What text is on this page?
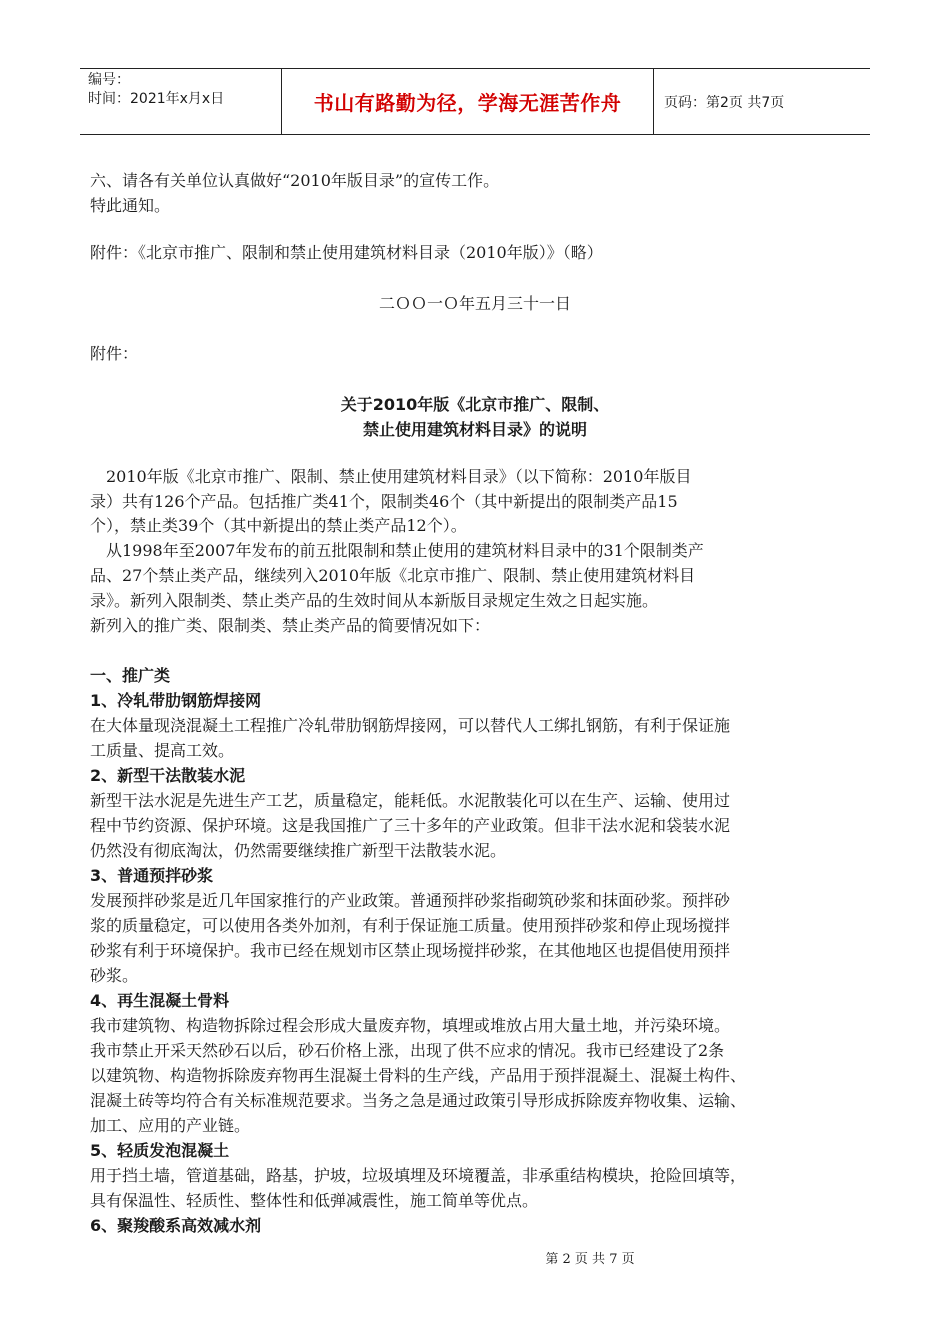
编号：
时间：2021年x月x日	书山有路勤为径，学海无涯苦作舟	页码：第2页 共7页
六、请各有关单位认真做好“2010年版目录”的宣传工作。
特此通知。
附件：《北京市推广、限制和禁止使用建筑材料目录（2010年版）》（略）
二ＯＯ一Ｏ年五月三十一日
附件：
关于2010年版《北京市推广、限制、
禁止使用建筑材料目录》的说明
　2010年版《北京市推广、限制、禁止使用建筑材料目录》（以下简称：2010年版目
录）共有126个产品。包括推广类41个，限制类46个（其中新提出的限制类产品15
个），禁止类39个（其中新提出的禁止类产品12个）。
　从1998年至2007年发布的前五批限制和禁止使用的建筑材料目录中的31个限制类产
品、27个禁止类产品，继续列入2010年版《北京市推广、限制、禁止使用建筑材料目
录》。新列入限制类、禁止类产品的生效时间从本新版目录规定生效之日起实施。
新列入的推广类、限制类、禁止类产品的简要情况如下：
一、推广类
1、冷轧带肋钢筋焊接网
在大体量现浇混凝土工程推广冷轧带肋钢筋焊接网，可以替代人工绑扎钢筋，有利于保证施
工质量、提高工效。
2、新型干法散装水泥
新型干法水泥是先进生产工艺，质量稳定，能耗低。水泥散装化可以在生产、运输、使用过
程中节约资源、保护环境。这是我国推广了三十多年的产业政策。但非干法水泥和袋装水泥
仍然没有彻底淘汰，仍然需要继续推广新型干法散装水泥。
3、普通预拌砂浆
发展预拌砂浆是近几年国家推行的产业政策。普通预拌砂浆指砌筑砂浆和抹面砂浆。预拌砂
浆的质量稳定，可以使用各类外加剂，有利于保证施工质量。使用预拌砂浆和停止现场搅拌
砂浆有利于环境保护。我市已经在规划市区禁止现场搅拌砂浆，在其他地区也提倡使用预拌
砂浆。
4、再生混凝土骨料
我市建筑物、构造物拆除过程会形成大量废弃物，填埋或堆放占用大量土地，并污染环境。
我市禁止开采天然砂石以后，砂石价格上涨，出现了供不应求的情况。我市已经建设了2条
以建筑物、构造物拆除废弃物再生混凝土骨料的生产线，产品用于预拌混凝土、混凝土构件、
混凝土砖等均符合有关标准规范要求。当务之急是通过政策引导形成拆除废弃物收集、运输、
加工、应用的产业链。
5、轻质发泡混凝土
用于挡土墙，管道基础，路基，护坡，垃圾填埋及环境覆盖，非承重结构模块，抢险回填等，
具有保温性、轻质性、整体性和低弹减震性，施工简单等优点。
6、聚羧酸系高效减水剂
第 2 页 共 7 页
